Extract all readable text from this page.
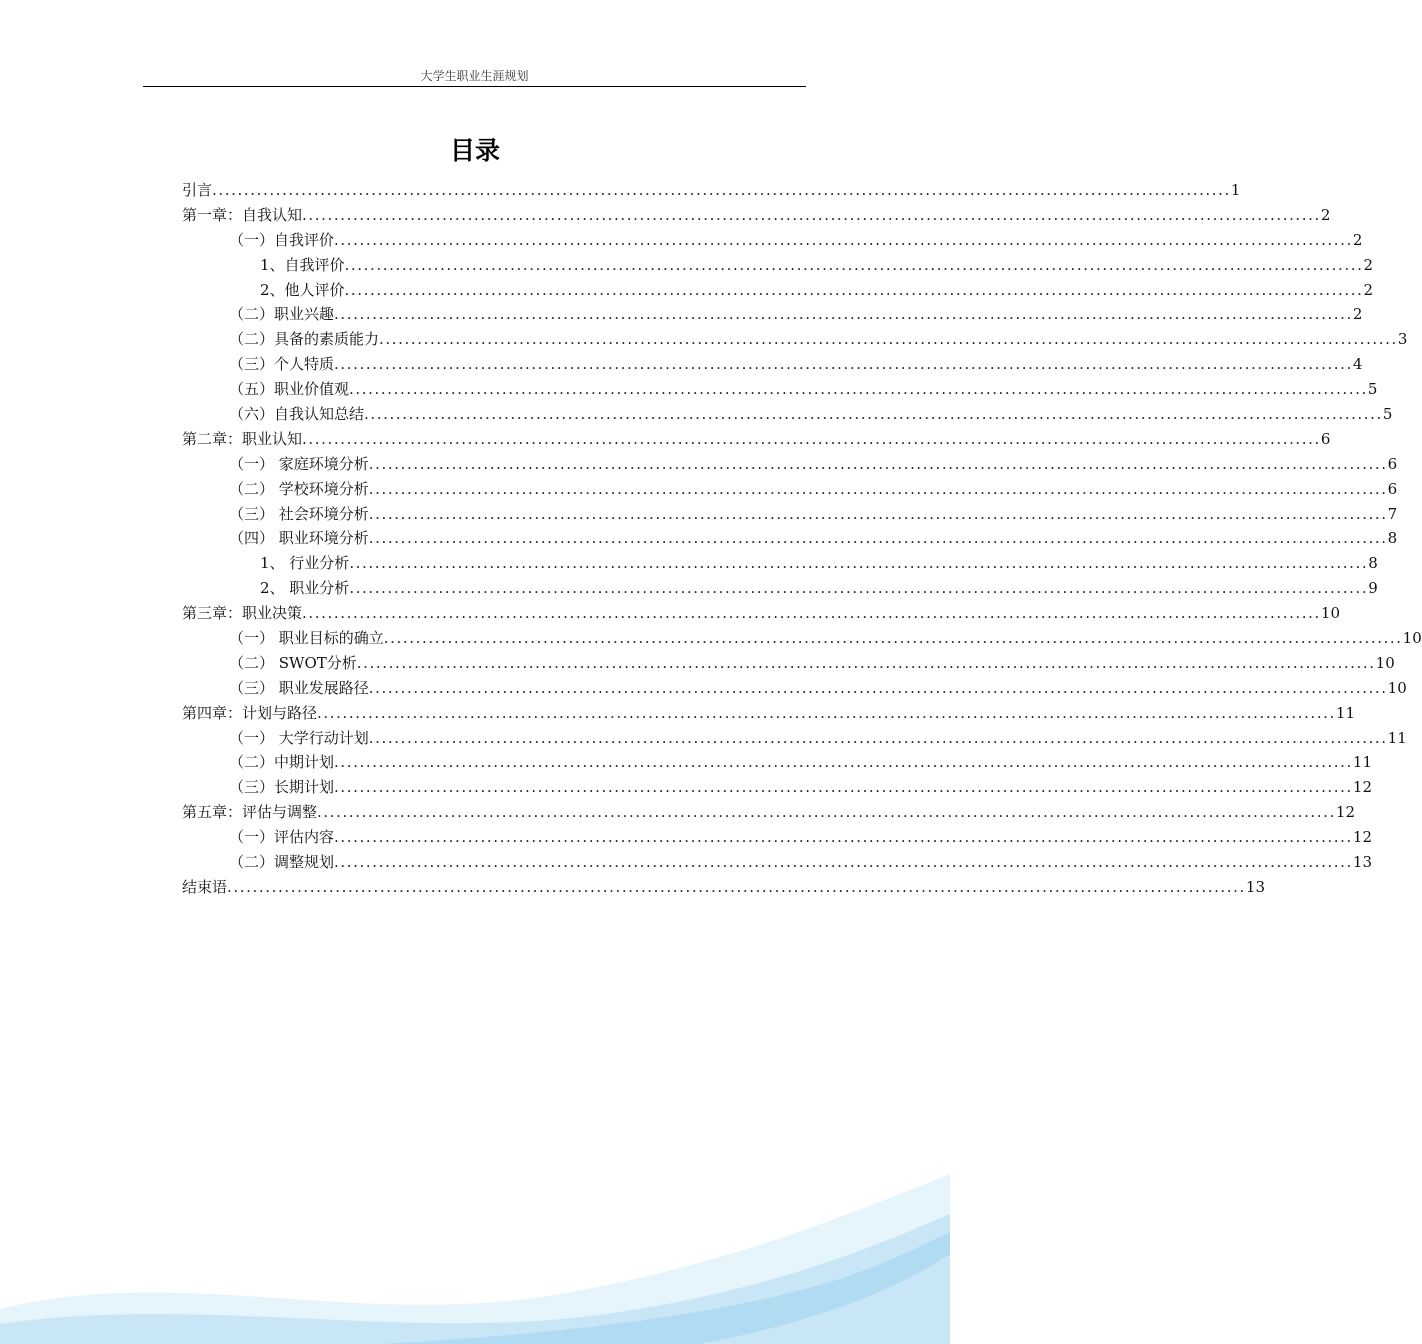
大学生职业生涯规划
目录
引言 ................................................................................................................................................................ 1
第一章：自我认知 ................................................................................................................................................................ 2
（一）自我评价 ................................................................................................................................................................ 2
1、自我评价 ................................................................................................................................................................ 2
2、他人评价 ................................................................................................................................................................ 2
（二）职业兴趣 ................................................................................................................................................................ 2
（二）具备的素质能力 ................................................................................................................................................................ 3
（三）个人特质 ................................................................................................................................................................ 4
（五）职业价值观 ................................................................................................................................................................ 5
（六）自我认知总结 ................................................................................................................................................................ 5
第二章：职业认知 ................................................................................................................................................................ 6
（一） 家庭环境分析 ................................................................................................................................................................ 6
（二） 学校环境分析 ................................................................................................................................................................ 6
（三） 社会环境分析 ................................................................................................................................................................ 7
（四） 职业环境分析 ................................................................................................................................................................ 8
1、 行业分析 ................................................................................................................................................................ 8
2、 职业分析 ................................................................................................................................................................ 9
第三章：职业决策 ................................................................................................................................................................ 10
（一） 职业目标的确立 ................................................................................................................................................................ 10
（二） SWOT分析 ................................................................................................................................................................ 10
（三） 职业发展路径 ................................................................................................................................................................ 10
第四章：计划与路径 ................................................................................................................................................................ 11
（一） 大学行动计划 ................................................................................................................................................................ 11
（二）中期计划 ................................................................................................................................................................ 11
（三）长期计划 ................................................................................................................................................................ 12
第五章：评估与调整 ................................................................................................................................................................ 12
（一）评估内容 ................................................................................................................................................................ 12
（二）调整规划 ................................................................................................................................................................ 13
结束语 ................................................................................................................................................................ 13
